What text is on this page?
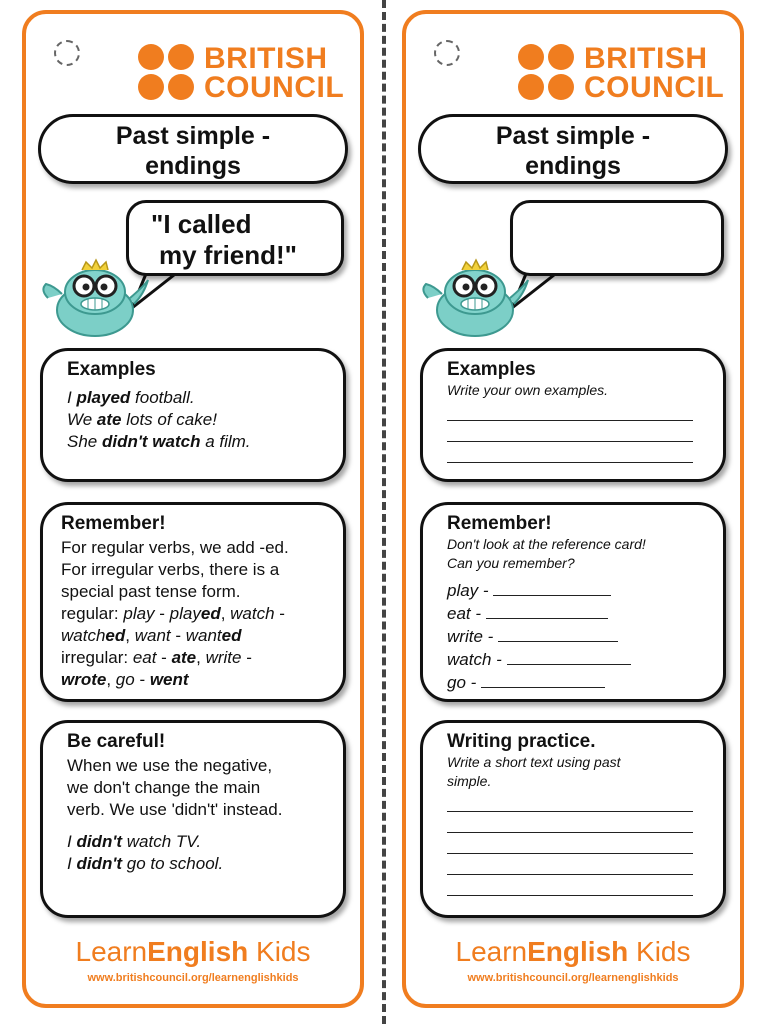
BRITISH
COUNCIL
Past simple -
endings
"I called
my friend!"
Examples
I played football.
We ate lots of cake!
She didn't watch a film.
Remember!
For regular verbs, we add -ed.
For irregular verbs, there is a
special past tense form.
regular: play - played, watch -
watched, want - wanted
irregular: eat - ate, write -
wrote, go - went
Be careful!
When we use the negative,
we don't change the main
verb. We use 'didn't' instead.
I didn't watch TV.
I didn't go to school.
LearnEnglish Kids
www.britishcouncil.org/learnenglishkids
BRITISH
COUNCIL
Past simple -
endings
Examples
Write your own examples.
Remember!
Don't look at the reference card!
Can you remember?
play -
eat -
write -
watch -
go -
Writing practice.
Write a short text using past
simple.
LearnEnglish Kids
www.britishcouncil.org/learnenglishkids
